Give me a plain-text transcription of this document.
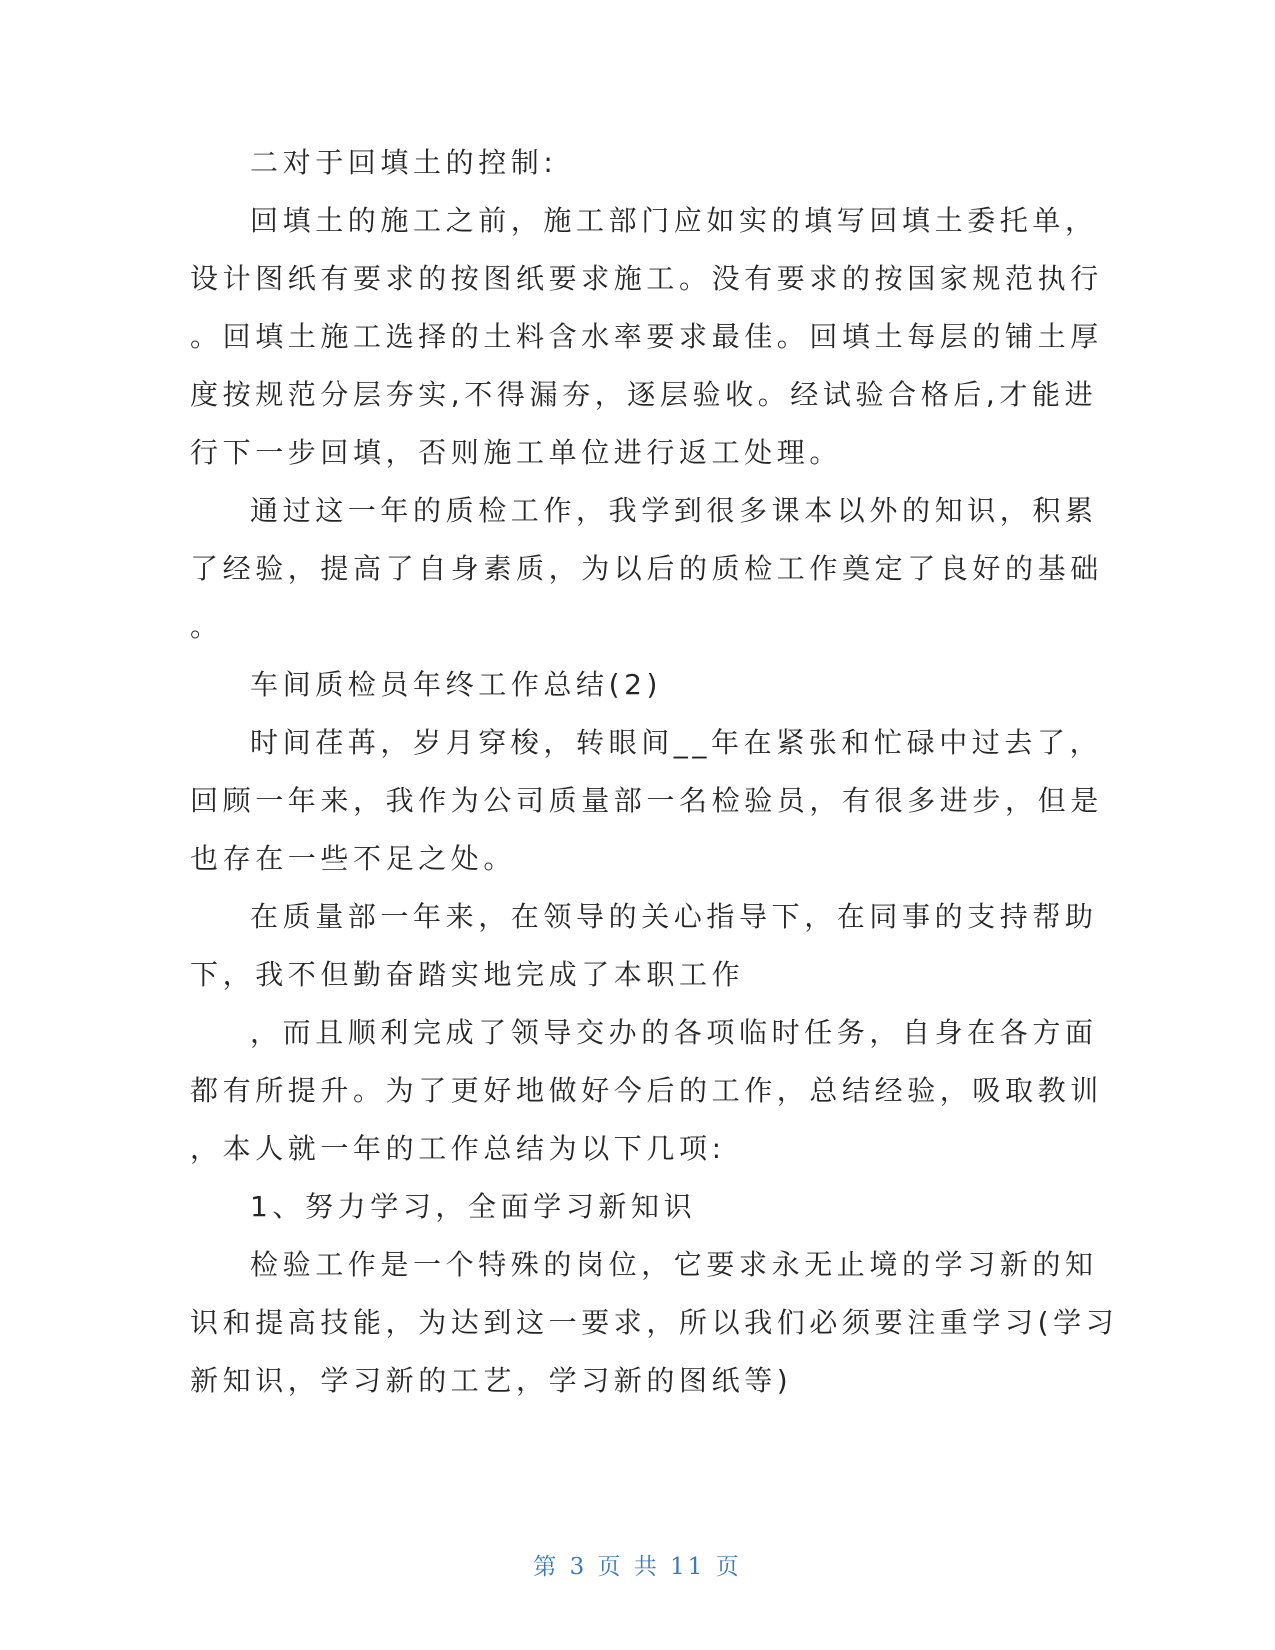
二对于回填土的控制:
回填土的施工之前，施工部门应如实的填写回填土委托单，
设计图纸有要求的按图纸要求施工。没有要求的按国家规范执行
。回填土施工选择的土料含水率要求最佳。回填土每层的铺土厚
度按规范分层夯实,不得漏夯，逐层验收。经试验合格后,才能进
行下一步回填，否则施工单位进行返工处理。
通过这一年的质检工作，我学到很多课本以外的知识，积累
了经验，提高了自身素质，为以后的质检工作奠定了良好的基础
。
车间质检员年终工作总结(2)
时间荏苒，岁月穿梭，转眼间__年在紧张和忙碌中过去了，
回顾一年来，我作为公司质量部一名检验员，有很多进步，但是
也存在一些不足之处。
在质量部一年来，在领导的关心指导下，在同事的支持帮助
下，我不但勤奋踏实地完成了本职工作
，而且顺利完成了领导交办的各项临时任务，自身在各方面
都有所提升。为了更好地做好今后的工作，总结经验，吸取教训
，本人就一年的工作总结为以下几项:
1、努力学习，全面学习新知识
检验工作是一个特殊的岗位，它要求永无止境的学习新的知
识和提高技能，为达到这一要求，所以我们必须要注重学习(学习
新知识，学习新的工艺，学习新的图纸等)
第 3 页 共 11 页
